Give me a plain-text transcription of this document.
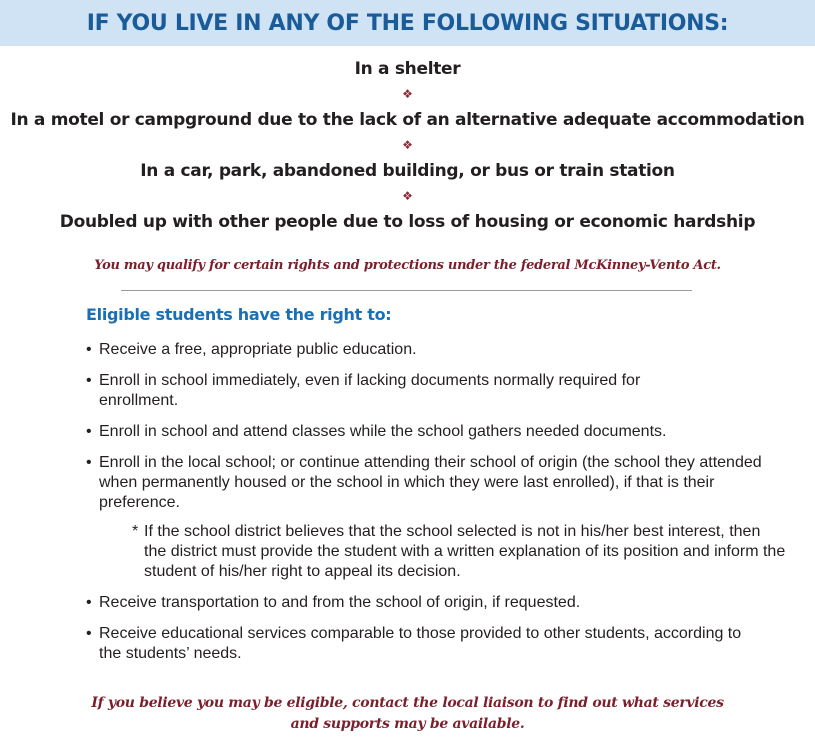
IF YOU LIVE IN ANY OF THE FOLLOWING SITUATIONS:
In a shelter
❖
In a motel or campground due to the lack of an alternative adequate accommodation
❖
In a car, park, abandoned building, or bus or train station
❖
Doubled up with other people due to loss of housing or economic hardship
You may qualify for certain rights and protections under the federal McKinney-Vento Act.
Eligible students have the right to:
• Receive a free, appropriate public education.
• Enroll in school immediately, even if lacking documents normally required for enrollment.
• Enroll in school and attend classes while the school gathers needed documents.
• Enroll in the local school; or continue attending their school of origin (the school they attended when permanently housed or the school in which they were last enrolled), if that is their preference.
* If the school district believes that the school selected is not in his/her best interest, then the district must provide the student with a written explanation of its position and inform the student of his/her right to appeal its decision.
• Receive transportation to and from the school of origin, if requested.
• Receive educational services comparable to those provided to other students, according to the students’ needs.
If you believe you may be eligible, contact the local liaison to find out what services
and supports may be available.
